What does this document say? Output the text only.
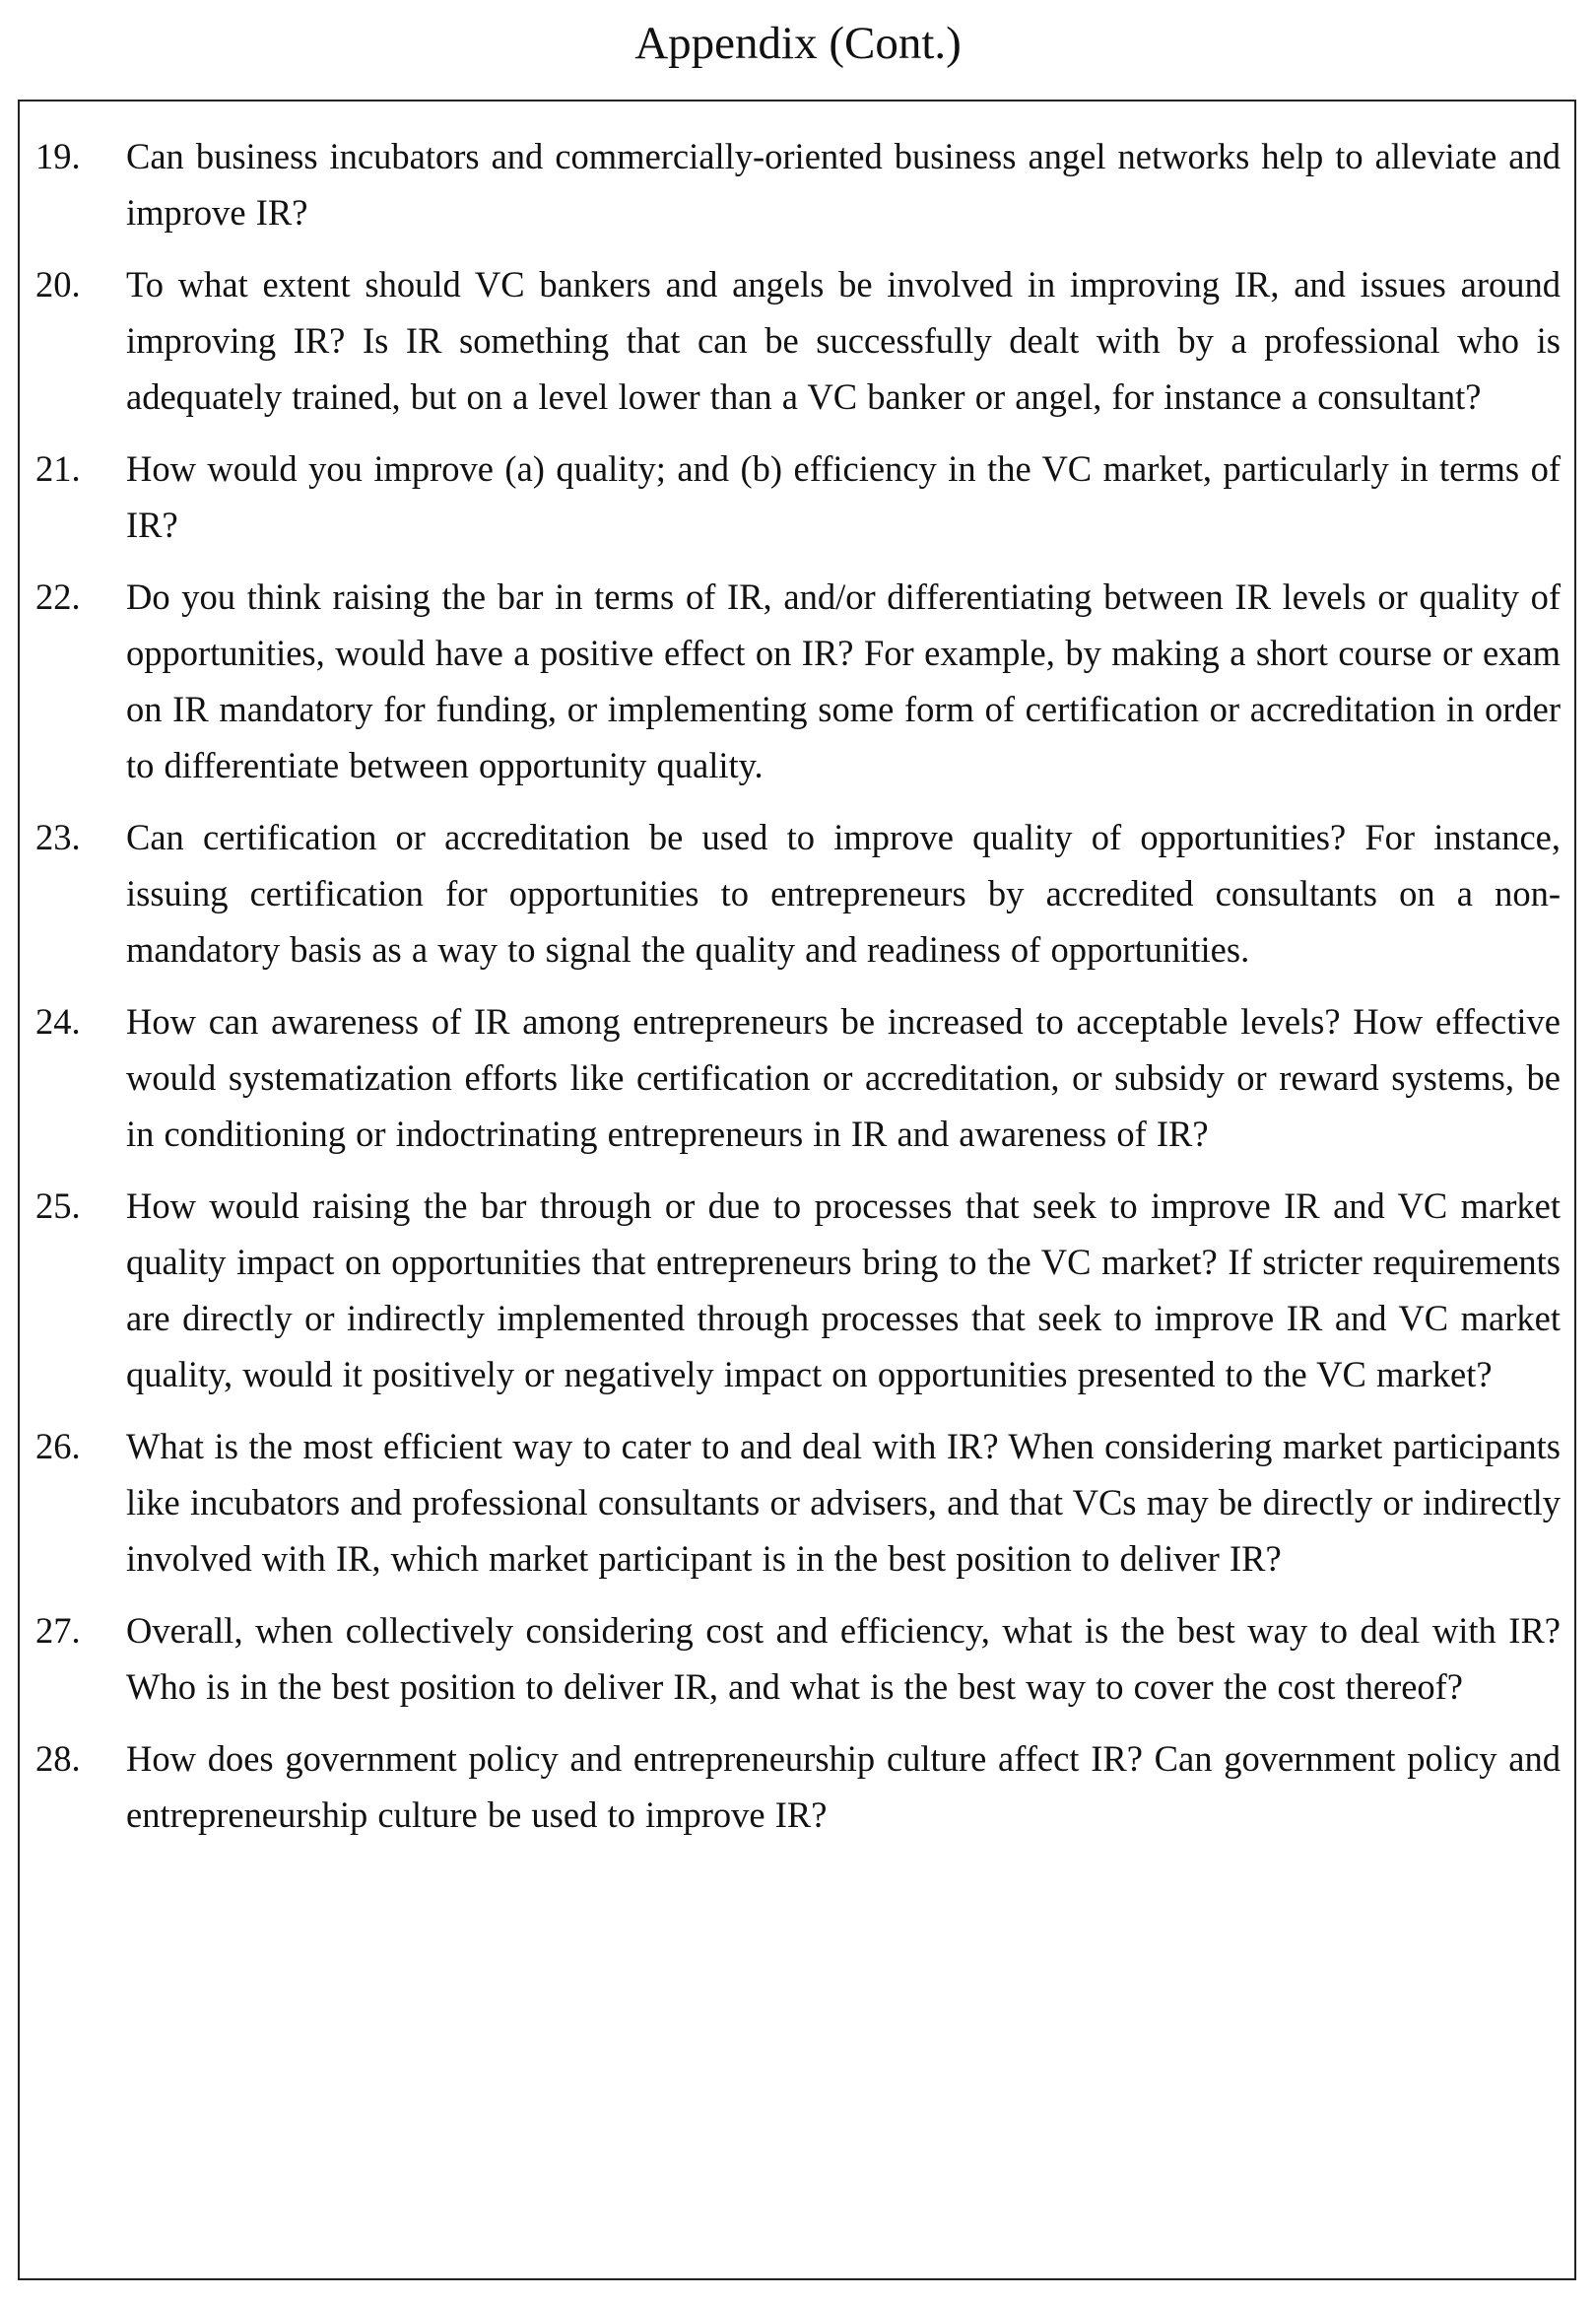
Appendix (Cont.)
19.	Can business incubators and commercially-oriented business angel networks help to alleviate and improve IR?
20.	To what extent should VC bankers and angels be involved in improving IR, and issues around improving IR? Is IR something that can be successfully dealt with by a professional who is adequately trained, but on a level lower than a VC banker or angel, for instance a consultant?
21.	How would you improve (a) quality; and (b) efficiency in the VC market, particularly in terms of IR?
22.	Do you think raising the bar in terms of IR, and/or differentiating between IR levels or quality of opportunities, would have a positive effect on IR? For example, by making a short course or exam on IR mandatory for funding, or implementing some form of certification or accreditation in order to differentiate between opportunity quality.
23.	Can certification or accreditation be used to improve quality of opportunities? For instance, issuing certification for opportunities to entrepreneurs by accredited consultants on a non-mandatory basis as a way to signal the quality and readiness of opportunities.
24.	How can awareness of IR among entrepreneurs be increased to acceptable levels? How effective would systematization efforts like certification or accreditation, or subsidy or reward systems, be in conditioning or indoctrinating entrepreneurs in IR and awareness of IR?
25.	How would raising the bar through or due to processes that seek to improve IR and VC market quality impact on opportunities that entrepreneurs bring to the VC market? If stricter requirements are directly or indirectly implemented through processes that seek to improve IR and VC market quality, would it positively or negatively impact on opportunities presented to the VC market?
26.	What is the most efficient way to cater to and deal with IR? When considering market participants like incubators and professional consultants or advisers, and that VCs may be directly or indirectly involved with IR, which market participant is in the best position to deliver IR?
27.	Overall, when collectively considering cost and efficiency, what is the best way to deal with IR? Who is in the best position to deliver IR, and what is the best way to cover the cost thereof?
28.	How does government policy and entrepreneurship culture affect IR? Can government policy and entrepreneurship culture be used to improve IR?
